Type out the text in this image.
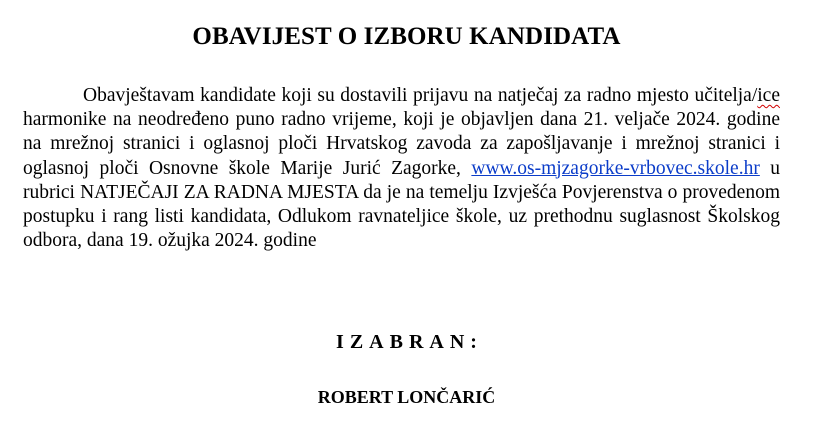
OBAVIJEST O IZBORU KANDIDATA

Obavještavam kandidate koji su dostavili prijavu na natječaj za radno mjesto učitelja/ice harmonike na neodređeno puno radno vrijeme, koji je objavljen dana 21. veljače 2024. godine na mrežnoj stranici i oglasnoj ploči Hrvatskog zavoda za zapošljavanje i mrežnoj stranici i oglasnoj ploči Osnovne škole Marije Jurić Zagorke, www.os-mjzagorke-vrbovec.skole.hr u rubrici NATJEČAJI ZA RADNA MJESTA da je na temelju Izvješća Povjerenstva o provedenom postupku i rang listi kandidata, Odlukom ravnateljice škole, uz prethodnu suglasnost Školskog odbora, dana 19. ožujka 2024. godine

IZABRAN:
ROBERT LONČARIĆ
